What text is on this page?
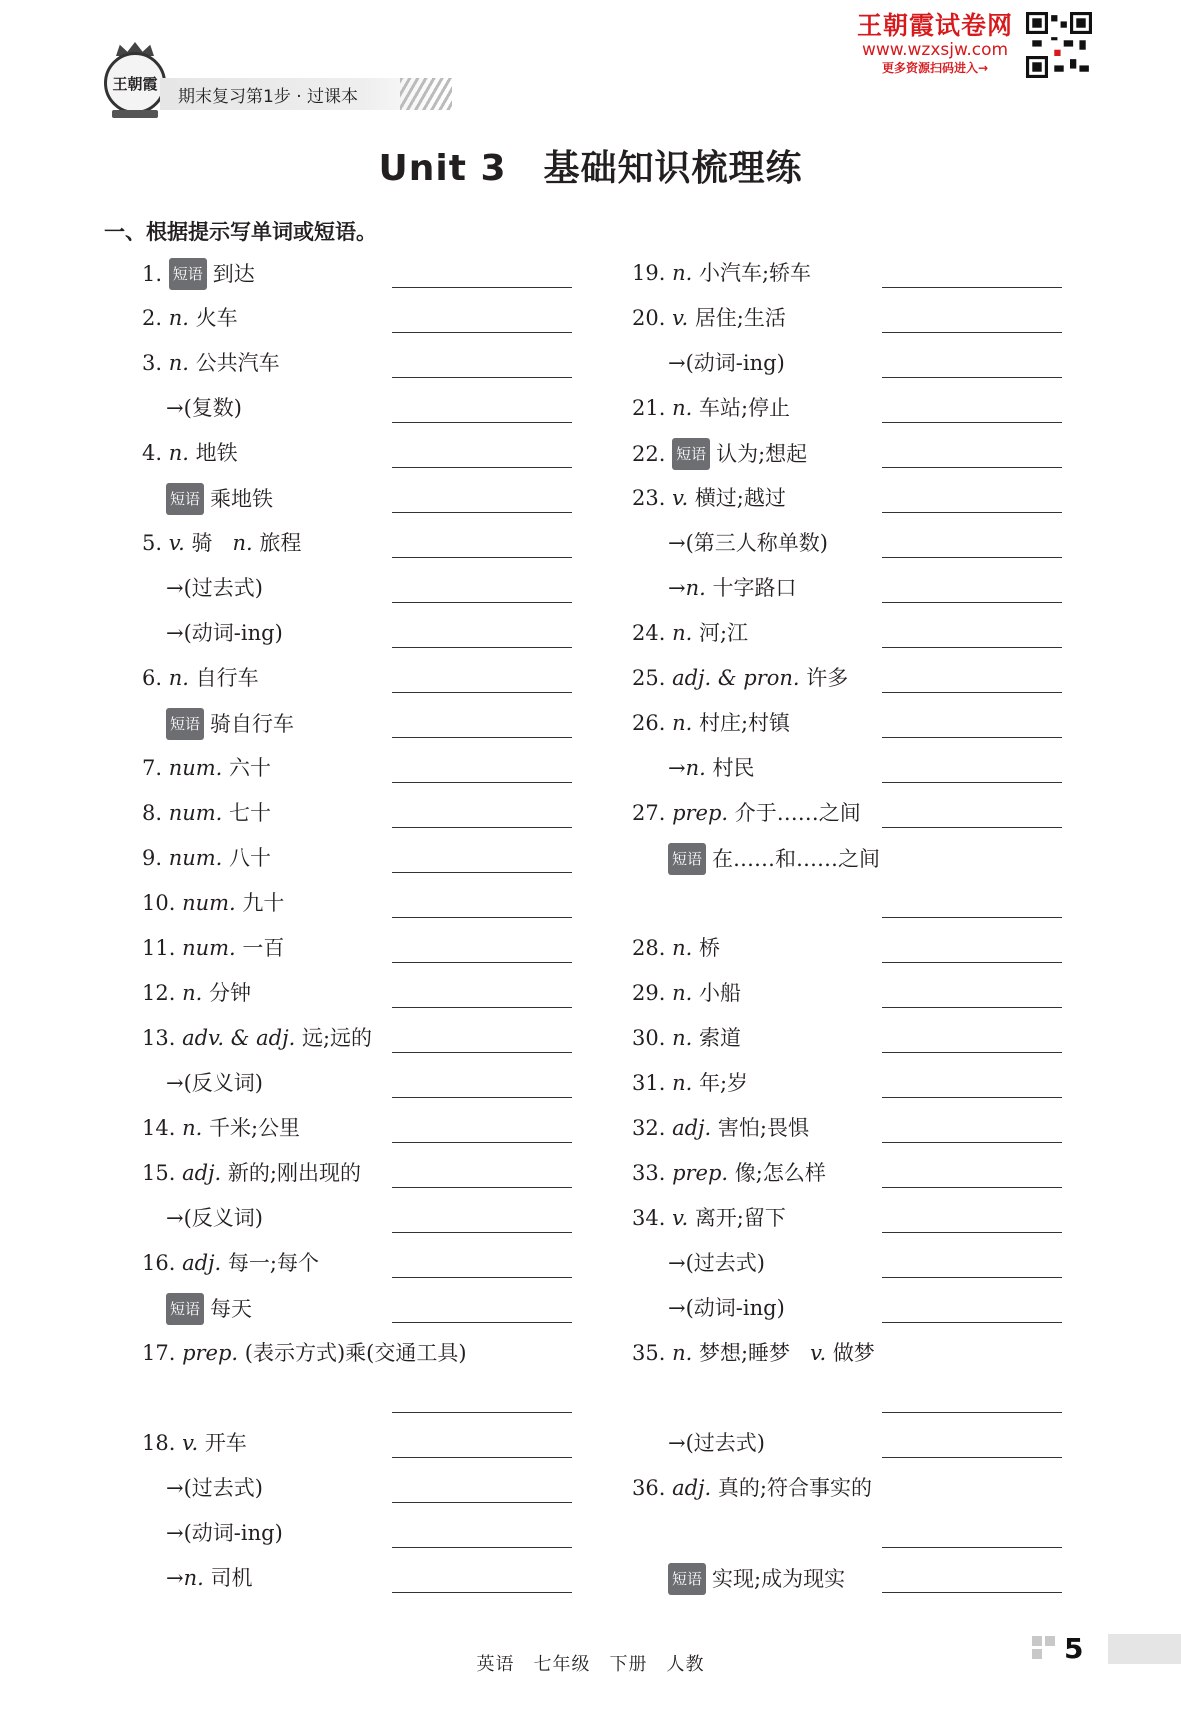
王朝霞
期末复习第1步 · 过课本
王朝霞试卷网
www.wzxsjw.com
更多资源扫码进入→
Unit 3　基础知识梳理练
一、根据提示写单词或短语。
1. 短语 到达
2. n. 火车
3. n. 公共汽车
→(复数)
4. n. 地铁
短语 乘地铁
5. v. 骑 n. 旅程
→(过去式)
→(动词-ing)
6. n. 自行车
短语 骑自行车
7. num. 六十
8. num. 七十
9. num. 八十
10. num. 九十
11. num. 一百
12. n. 分钟
13. adv. & adj. 远;远的
→(反义词)
14. n. 千米;公里
15. adj. 新的;刚出现的
→(反义词)
16. adj. 每一;每个
短语 每天
17. prep. (表示方式)乘(交通工具)
18. v. 开车
→(过去式)
→(动词-ing)
→n. 司机
19. n. 小汽车;轿车
20. v. 居住;生活
→(动词-ing)
21. n. 车站;停止
22. 短语 认为;想起
23. v. 横过;越过
→(第三人称单数)
→n. 十字路口
24. n. 河;江
25. adj. & pron. 许多
26. n. 村庄;村镇
→n. 村民
27. prep. 介于……之间
短语 在……和……之间
28. n. 桥
29. n. 小船
30. n. 索道
31. n. 年;岁
32. adj. 害怕;畏惧
33. prep. 像;怎么样
34. v. 离开;留下
→(过去式)
→(动词-ing)
35. n. 梦想;睡梦 v. 做梦
→(过去式)
36. adj. 真的;符合事实的
短语 实现;成为现实
英语　七年级　下册　人教	5
